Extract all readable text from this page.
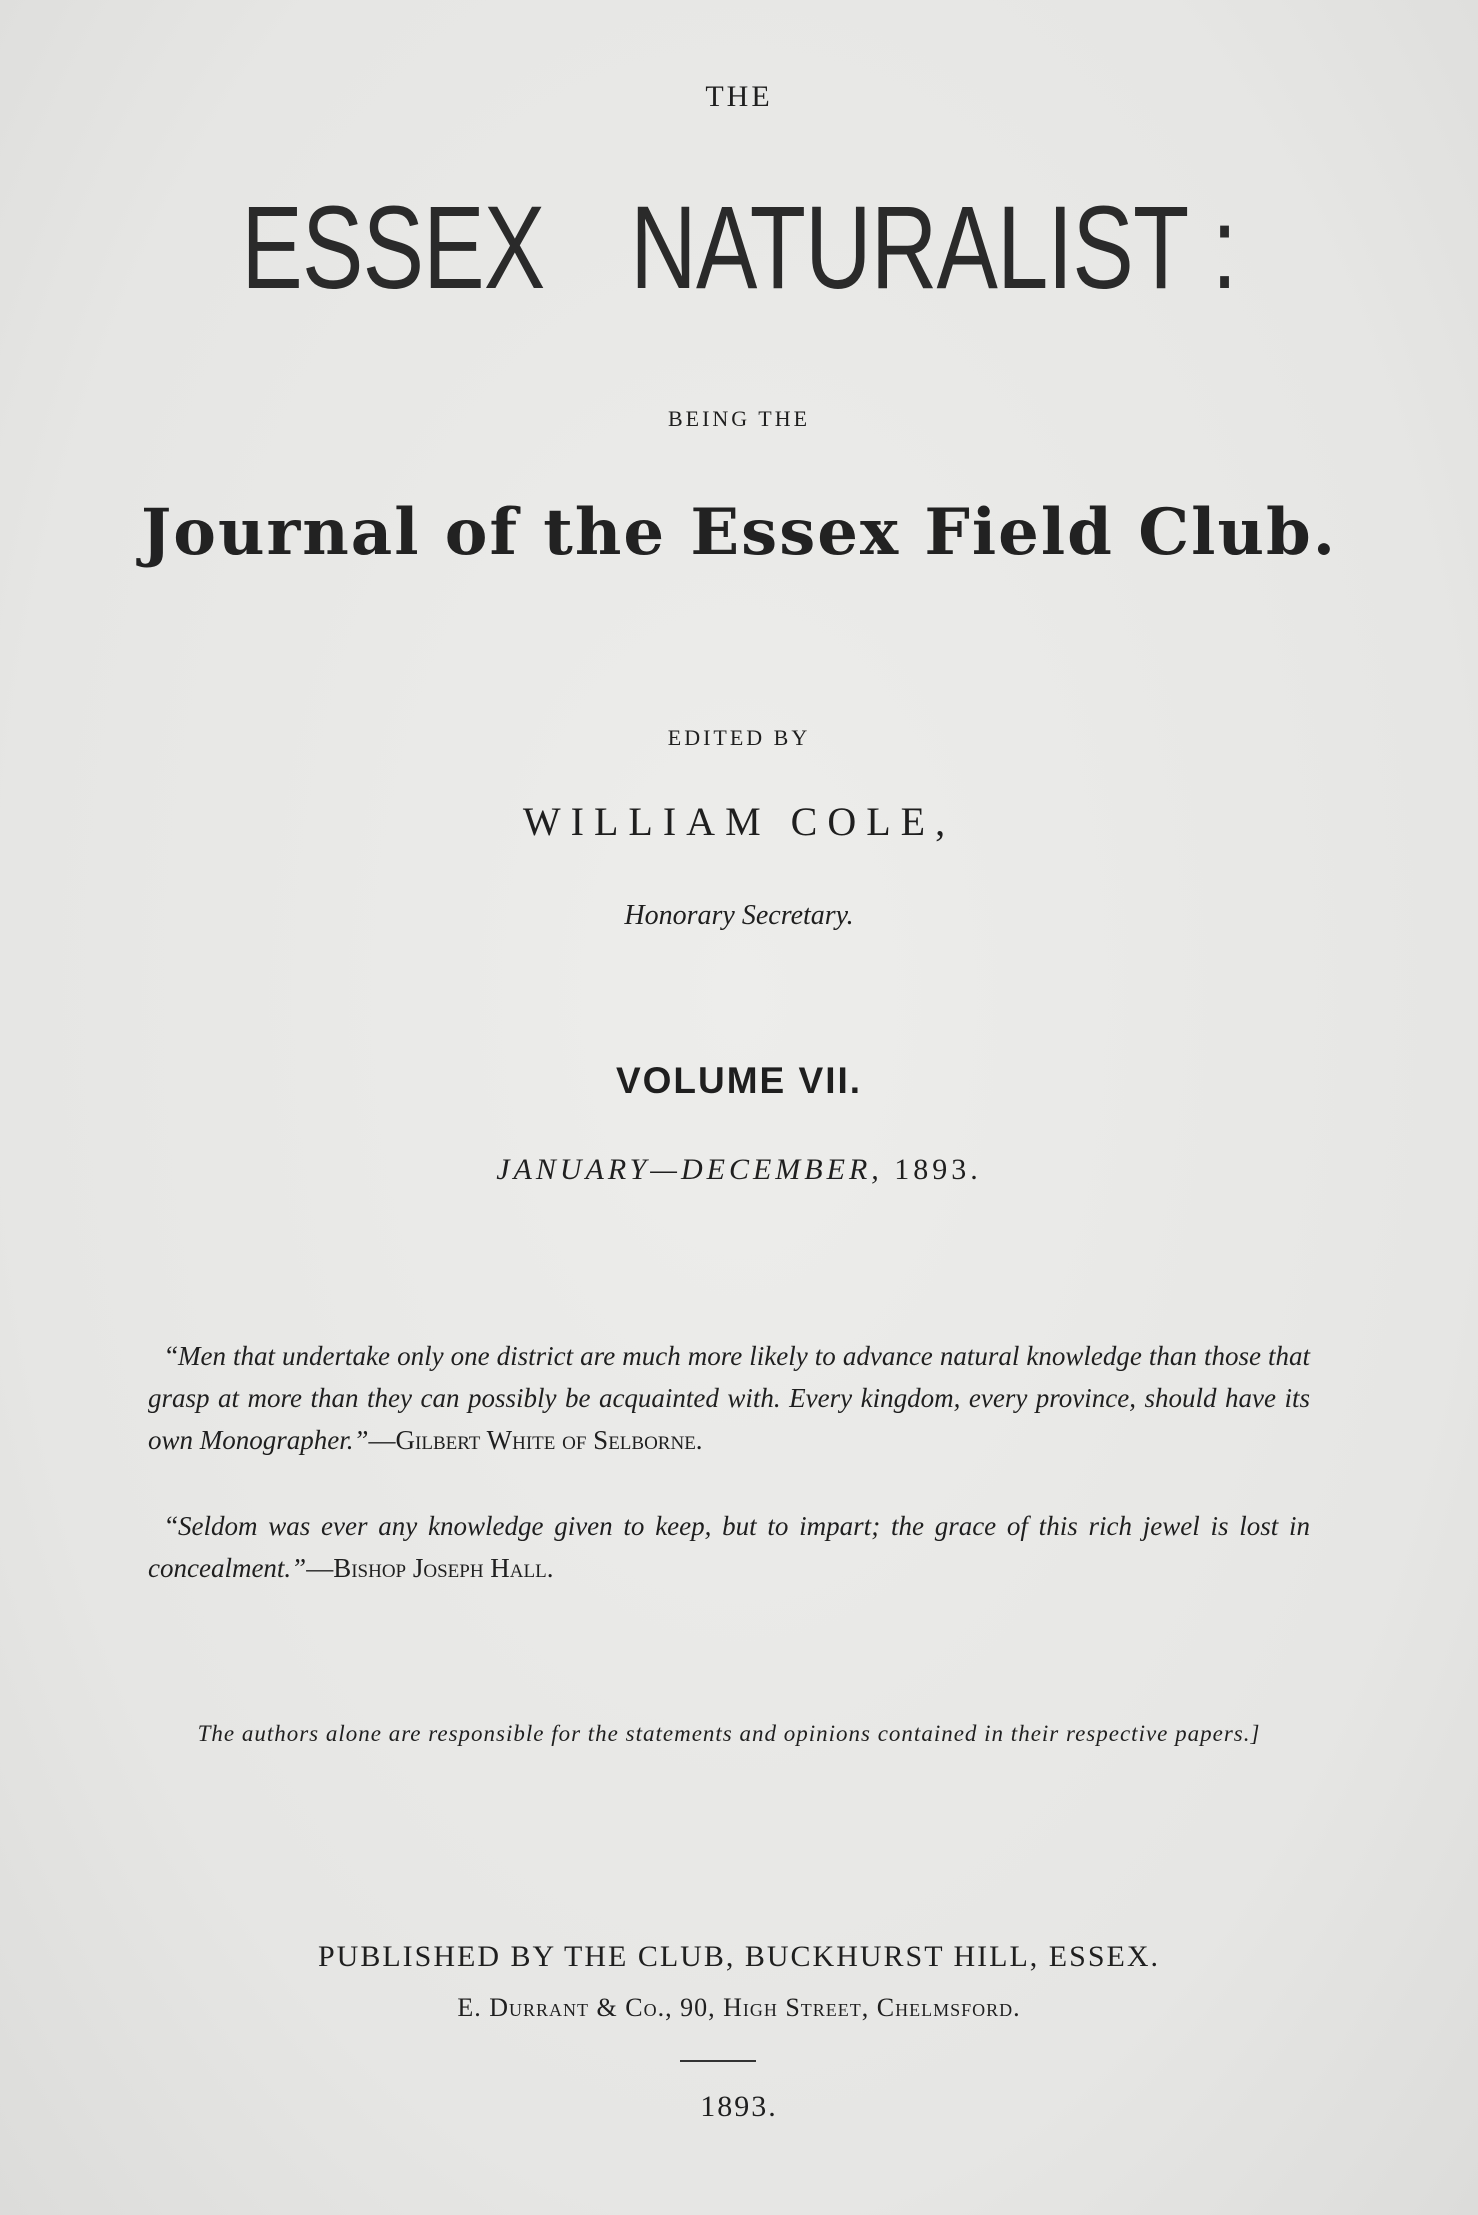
THE
ESSEX NATURALIST :
BEING THE
Journal of the Essex Field Club.
EDITED BY
WILLIAM COLE,
Honorary Secretary.
VOLUME VII.
JANUARY—DECEMBER, 1893.
“Men that undertake only one district are much more likely to advance natural knowledge than those that grasp at more than they can possibly be acquainted with. Every kingdom, every province, should have its own Monographer.”—Gilbert White of Selborne.
“Seldom was ever any knowledge given to keep, but to impart; the grace of this rich jewel is lost in concealment.”—Bishop Joseph Hall.
The authors alone are responsible for the statements and opinions contained in their respective papers.]
PUBLISHED BY THE CLUB, BUCKHURST HILL, ESSEX.
E. Durrant & Co., 90, High Street, Chelmsford.
1893.
